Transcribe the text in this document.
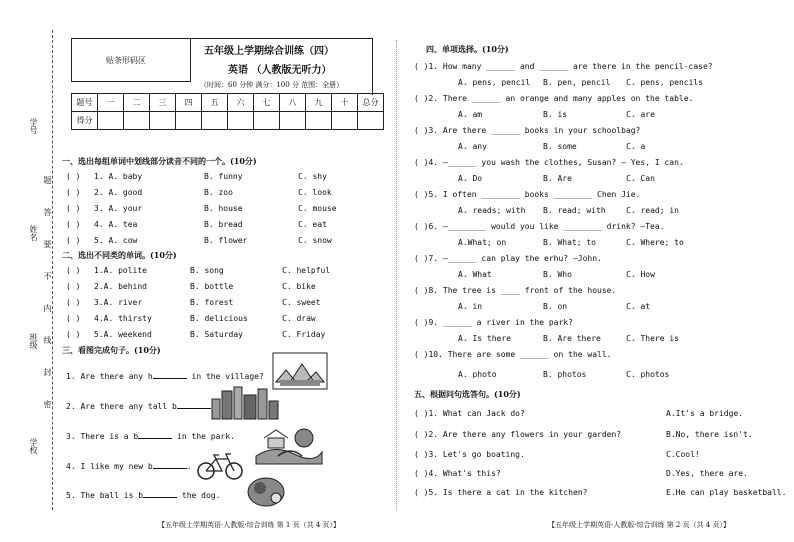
学号
姓名
班级
学校
题
答
要
不
内
线
封
密
贴条形码区
五年级上学期综合训练（四）
英语 （人教版无听力）
（时间：60 分钟 满分：100 分 范围：全册）
题号	一	二	三	四	五	六	七	八	九	十	总分
得分											
一、选出每组单词中划线部分读音不同的一个。(10分)
( ) 1. A. baby	B. funny	C. shy
( ) 2. A. good	B. zoo	C. look
( ) 3. A. your	B. house	C. mouse
( ) 4. A. tea	B. bread	C. eat
( ) 5. A. cow	B. flower	C. snow
二、选出不同类的单词。(10分)
( ) 1.A. polite	B. song	C. helpful
( ) 2.A. behind	B. bottle	C. bike
( ) 3.A. river	B. forest	C. sweet
( ) 4.A. thirsty	B. delicious	C. draw
( ) 5.A. weekend	B. Saturday	C. Friday
三、看图完成句子。(10分)
1. Are there any h	in the village?
2. Are there any tall b
3. There is a b	in the park.
4. I like my new b	.
5. The ball is b	the dog.
四、单项选择。(10分)
( )1. How many ______ and ______ are there in the pencil-case?
A. pens, pencil B. pen, pencil C. pens, pencils
( )2. There ______ an orange and many apples on the table.
A. am	B. is	C. are
( )3. Are there ______ books in your schoolbag?
A. any	B. some	C. a
( )4. —______ you wash the clothes, Susan? — Yes, I can.
A. Do	B. Are	C. Can
( )5. I often ________ books ________ Chen Jie.
A. reads; with B. read; with	C. read; in
( )6. —________ would you like ________ drink? —Tea.
A.What; on	B. What; to	C. Where; to
( )7. —______ can play the erhu? —John.
A. What	B. Who	C. How
( )8. The tree is ____ front of the house.
A. in	B. on	C. at
( )9. ______ a river in the park?
A. Is there	B. Are there	C. There is
( )10. There are some ______ on the wall.
A. photo	B. photos	C. photos
五、根据问句选答句。(10分)
( )1. What can Jack do?	A.It's a bridge.
( )2. Are there any flowers in your garden?	B.No, there isn't.
( )3. Let's go boating.	C.Cool!
( )4. What's this?	D.Yes, there are.
( )5. Is there a cat in the kitchen?	E.He can play basketball.
【五年级上学期英语·人教版·综合训练 第 1 页（共 4 页）】	【五年级上学期英语·人教版·综合训练 第 2 页（共 4 页）】
